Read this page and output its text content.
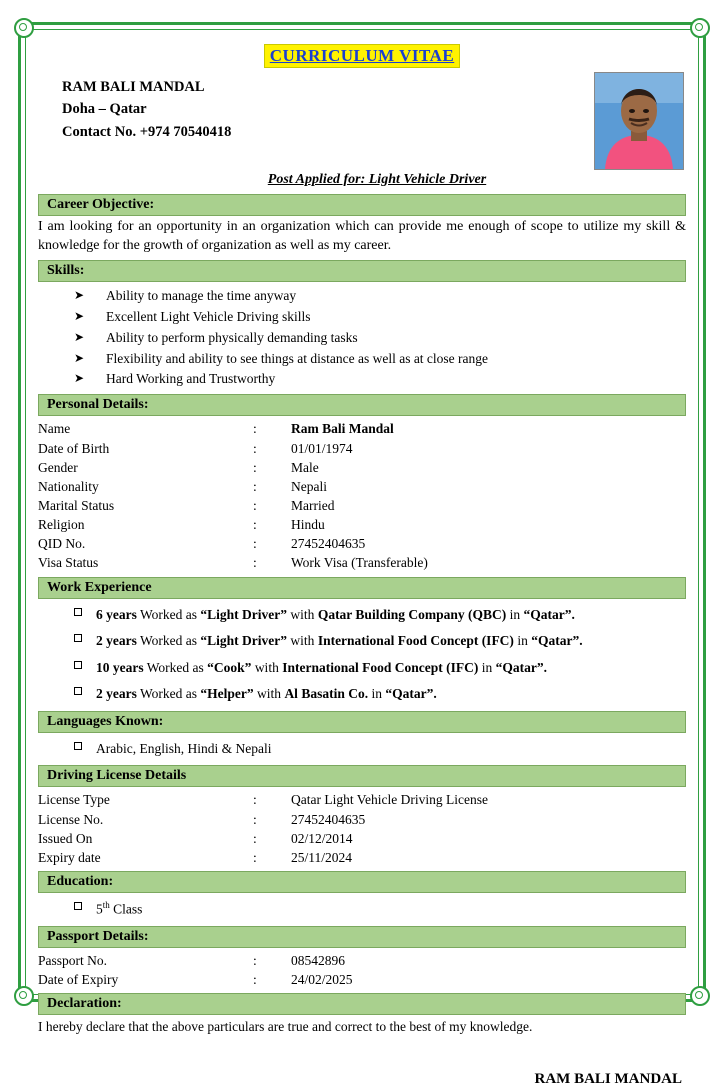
CURRICULUM VITAE
RAM BALI MANDAL
Doha – Qatar
Contact No. +974 70540418
Post Applied for: Light Vehicle Driver
Career Objective:
I am looking for an opportunity in an organization which can provide me enough of scope to utilize my skill & knowledge for the growth of organization as well as my career.
Skills:
➤ Ability to manage the time anyway
➤ Excellent Light Vehicle Driving skills
➤ Ability to perform physically demanding tasks
➤ Flexibility and ability to see things at distance as well as at close range
➤ Hard Working and Trustworthy
Personal Details:
Name	:	Ram Bali Mandal
Date of Birth	:	01/01/1974
Gender	:	Male
Nationality	:	Nepali
Marital Status	:	Married
Religion	:	Hindu
QID No.	:	27452404635
Visa Status	:	Work Visa (Transferable)
Work Experience
6 years Worked as “Light Driver” with Qatar Building Company (QBC) in “Qatar”.
2 years Worked as “Light Driver” with International Food Concept (IFC) in “Qatar”.
10 years Worked as “Cook” with International Food Concept (IFC) in “Qatar”.
2 years Worked as “Helper” with Al Basatin Co. in “Qatar”.
Languages Known:
Arabic, English, Hindi & Nepali
Driving License Details
License Type	:	Qatar Light Vehicle Driving License
License No.	:	27452404635
Issued On	:	02/12/2014
Expiry date	:	25/11/2024
Education:
5th Class
Passport Details:
Passport No.	:	08542896
Date of Expiry	:	24/02/2025
Declaration:
I hereby declare that the above particulars are true and correct to the best of my knowledge.
RAM BALI MANDAL
